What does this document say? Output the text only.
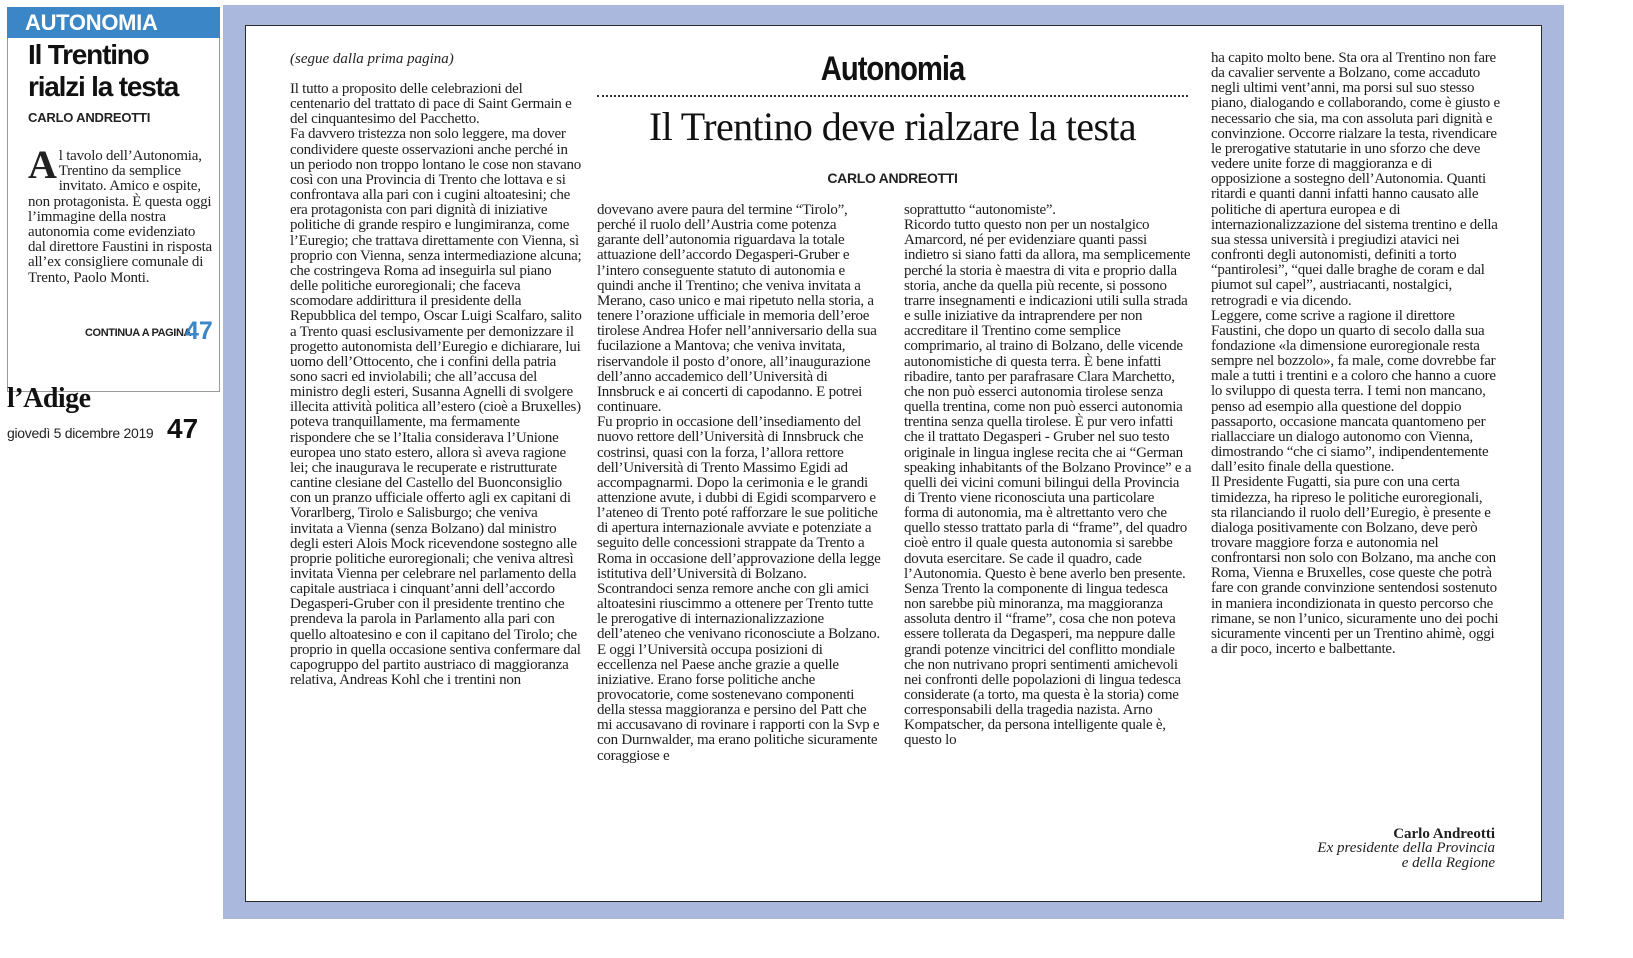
AUTONOMIA
Il Trentino rialzi la testa
CARLO ANDREOTTI
Al tavolo dell’Autonomia, Trentino da semplice invitato. Amico e ospite, non protagonista. È questa oggi l’immagine della nostra autonomia come evidenziato dal direttore Faustini in risposta all’ex consigliere comunale di Trento, Paolo Monti.
CONTINUA A PAGINA
47
l’Adige
giovedì 5 dicembre 2019 47
(segue dalla prima pagina)	Autonomia
Il Trentino deve rialzare la testa
CARLO ANDREOTTI

Il tutto a proposito delle celebrazioni del centenario del trattato di pace di Saint Germain e del cinquantesimo del Pacchetto.
Fa davvero tristezza non solo leggere, ma dover condividere queste osservazioni anche perché in un periodo non troppo lontano le cose non stavano così con una Provincia di Trento che lottava e si confrontava alla pari con i cugini altoatesini; che era protagonista con pari dignità di iniziative politiche di grande respiro e lungimiranza, come l’Euregio; che trattava direttamente con Vienna, sì proprio con Vienna, senza intermediazione alcuna; che costringeva Roma ad inseguirla sul piano delle politiche euroregionali; che faceva scomodare addirittura il presidente della Repubblica del tempo, Oscar Luigi Scalfaro, salito a Trento quasi esclusivamente per demonizzare il progetto autonomista dell’Euregio e dichiarare, lui uomo dell’Ottocento, che i confini della patria sono sacri ed inviolabili; che all’accusa del ministro degli esteri, Susanna Agnelli di svolgere illecita attività politica all’estero (cioè a Bruxelles) poteva tranquillamente, ma fermamente rispondere che se l’Italia considerava l’Unione europea uno stato estero, allora sì aveva ragione lei; che inaugurava le recuperate e ristrutturate cantine clesiane del Castello del Buonconsiglio con un pranzo ufficiale offerto agli ex capitani di Vorarlberg, Tirolo e Salisburgo; che veniva invitata a Vienna (senza Bolzano) dal ministro degli esteri Alois Mock ricevendone sostegno alle proprie politiche euroregionali; che veniva altresì invitata Vienna per celebrare nel parlamento della capitale austriaca i cinquant’anni dell’accordo Degasperi-Gruber con il presidente trentino che prendeva la parola in Parlamento alla pari con quello altoatesino e con il capitano del Tirolo; che proprio in quella occasione sentiva confermare dal capogruppo del partito austriaco di maggioranza relativa, Andreas Kohl che i trentini non

dovevano avere paura del termine “Tirolo”, perché il ruolo dell’Austria come potenza garante dell’autonomia riguardava la totale attuazione dell’accordo Degasperi-Gruber e l’intero conseguente statuto di autonomia e quindi anche il Trentino; che veniva invitata a Merano, caso unico e mai ripetuto nella storia, a tenere l’orazione ufficiale in memoria dell’eroe tirolese Andrea Hofer nell’anniversario della sua fucilazione a Mantova; che veniva invitata, riservandole il posto d’onore, all’inaugurazione dell’anno accademico dell’Università di Innsbruck e ai concerti di capodanno. E potrei continuare.
Fu proprio in occasione dell’insediamento del nuovo rettore dell’Università di Innsbruck che costrinsi, quasi con la forza, l’allora rettore dell’Università di Trento Massimo Egidi ad accompagnarmi. Dopo la cerimonia e le grandi attenzione avute, i dubbi di Egidi scomparvero e l’ateneo di Trento poté rafforzare le sue politiche di apertura internazionale avviate e potenziate a seguito delle concessioni strappate da Trento a Roma in occasione dell’approvazione della legge istitutiva dell’Università di Bolzano. Scontrandoci senza remore anche con gli amici altoatesini riuscimmo a ottenere per Trento tutte le prerogative di internazionalizzazione dell’ateneo che venivano riconosciute a Bolzano. E oggi l’Università occupa posizioni di eccellenza nel Paese anche grazie a quelle iniziative. Erano forse politiche anche provocatorie, come sostenevano componenti della stessa maggioranza e persino del Patt che mi accusavano di rovinare i rapporti con la Svp e con Durnwalder, ma erano politiche sicuramente coraggiose e

soprattutto “autonomiste”.
Ricordo tutto questo non per un nostalgico Amarcord, né per evidenziare quanti passi indietro si siano fatti da allora, ma semplicemente perché la storia è maestra di vita e proprio dalla storia, anche da quella più recente, si possono trarre insegnamenti e indicazioni utili sulla strada e sulle iniziative da intraprendere per non accreditare il Trentino come semplice comprimario, al traino di Bolzano, delle vicende autonomistiche di questa terra. È bene infatti ribadire, tanto per parafrasare Clara Marchetto, che non può esserci autonomia tirolese senza quella trentina, come non può esserci autonomia trentina senza quella tirolese. È pur vero infatti che il trattato Degasperi - Gruber nel suo testo originale in lingua inglese recita che ai “German speaking inhabitants of the Bolzano Province” e a quelli dei vicini comuni bilingui della Provincia di Trento viene riconosciuta una particolare forma di autonomia, ma è altrettanto vero che quello stesso trattato parla di “frame”, del quadro cioè entro il quale questa autonomia si sarebbe dovuta esercitare. Se cade il quadro, cade l’Autonomia. Questo è bene averlo ben presente.
Senza Trento la componente di lingua tedesca non sarebbe più minoranza, ma maggioranza assoluta dentro il “frame”, cosa che non poteva essere tollerata da Degasperi, ma neppure dalle grandi potenze vincitrici del conflitto mondiale che non nutrivano propri sentimenti amichevoli nei confronti delle popolazioni di lingua tedesca considerate (a torto, ma questa è la storia) come corresponsabili della tragedia nazista. Arno Kompatscher, da persona intelligente quale è, questo lo

ha capito molto bene. Sta ora al Trentino non fare da cavalier servente a Bolzano, come accaduto negli ultimi vent’anni, ma porsi sul suo stesso piano, dialogando e collaborando, come è giusto e necessario che sia, ma con assoluta pari dignità e convinzione. Occorre rialzare la testa, rivendicare le prerogative statutarie in uno sforzo che deve vedere unite forze di maggioranza e di opposizione a sostegno dell’Autonomia. Quanti ritardi e quanti danni infatti hanno causato alle politiche di apertura europea e di internazionalizzazione del sistema trentino e della sua stessa università i pregiudizi atavici nei confronti degli autonomisti, definiti a torto “pantirolesi”, “quei dalle braghe de coram e dal piumot sul capel”, austriacanti, nostalgici, retrogradi e via dicendo.
Leggere, come scrive a ragione il direttore Faustini, che dopo un quarto di secolo dalla sua fondazione «la dimensione euroregionale resta sempre nel bozzolo», fa male, come dovrebbe far male a tutti i trentini e a coloro che hanno a cuore lo sviluppo di questa terra. I temi non mancano, penso ad esempio alla questione del doppio passaporto, occasione mancata quantomeno per riallacciare un dialogo autonomo con Vienna, dimostrando “che ci siamo”, indipendentemente dall’esito finale della questione.
Il Presidente Fugatti, sia pure con una certa timidezza, ha ripreso le politiche euroregionali, sta rilanciando il ruolo dell’Euregio, è presente e dialoga positivamente con Bolzano, deve però trovare maggiore forza e autonomia nel confrontarsi non solo con Bolzano, ma anche con Roma, Vienna e Bruxelles, cose queste che potrà fare con grande convinzione sentendosi sostenuto in maniera incondizionata in questo percorso che rimane, se non l’unico, sicuramente uno dei pochi sicuramente vincenti per un Trentino ahimè, oggi a dir poco, incerto e balbettante.

Carlo Andreotti
Ex presidente della Provincia
e della Regione
